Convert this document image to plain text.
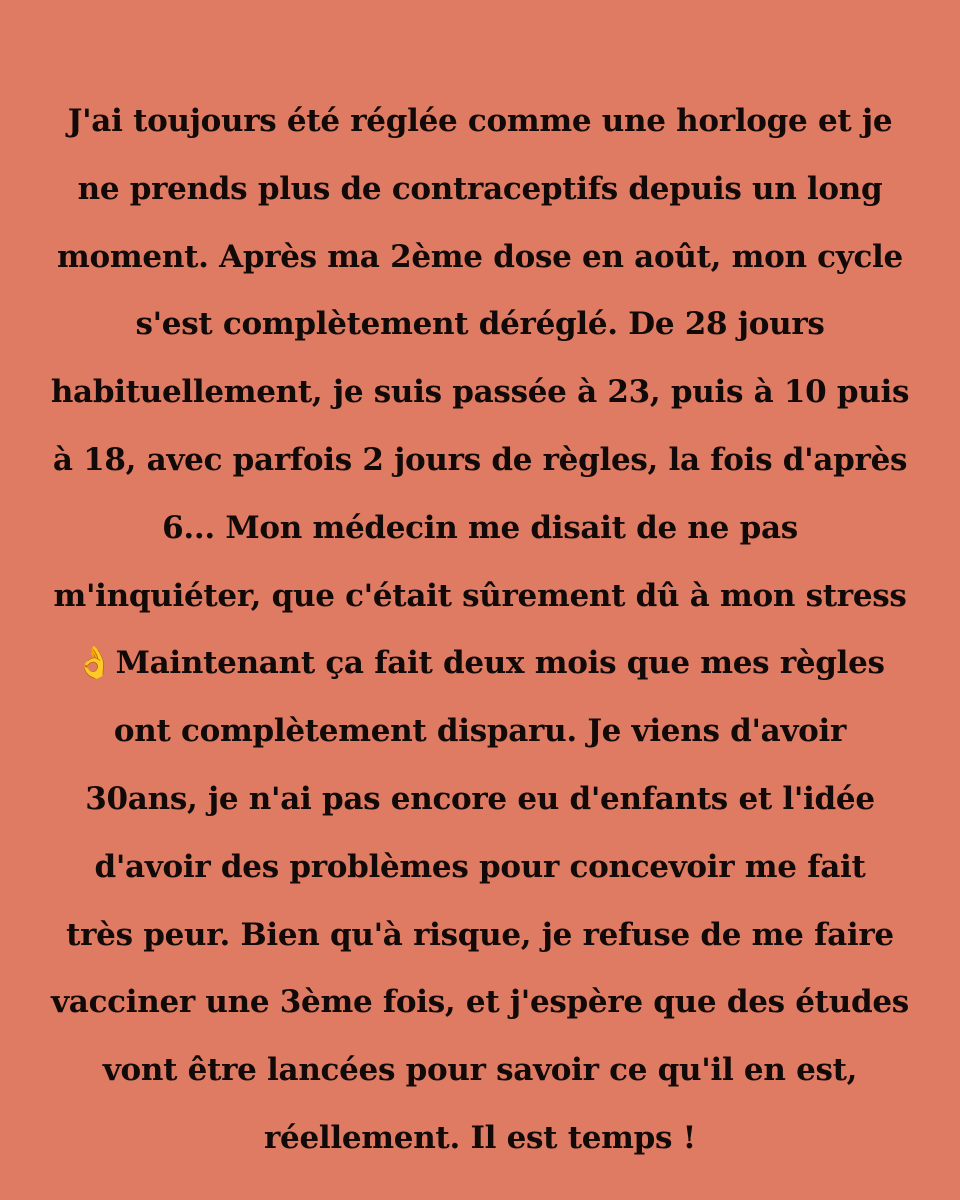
J'ai toujours été réglée comme une horloge et je
ne prends plus de contraceptifs depuis un long
moment. Après ma 2ème dose en août, mon cycle
s'est complètement déréglé. De 28 jours
habituellement, je suis passée à 23, puis à 10 puis
à 18, avec parfois 2 jours de règles, la fois d'après
6... Mon médecin me disait de ne pas
m'inquiéter, que c'était sûrement dû à mon stress
👌Maintenant ça fait deux mois que mes règles
ont complètement disparu. Je viens d'avoir
30ans, je n'ai pas encore eu d'enfants et l'idée
d'avoir des problèmes pour concevoir me fait
très peur. Bien qu'à risque, je refuse de me faire
vacciner une 3ème fois, et j'espère que des études
vont être lancées pour savoir ce qu'il en est,
réellement. Il est temps !
